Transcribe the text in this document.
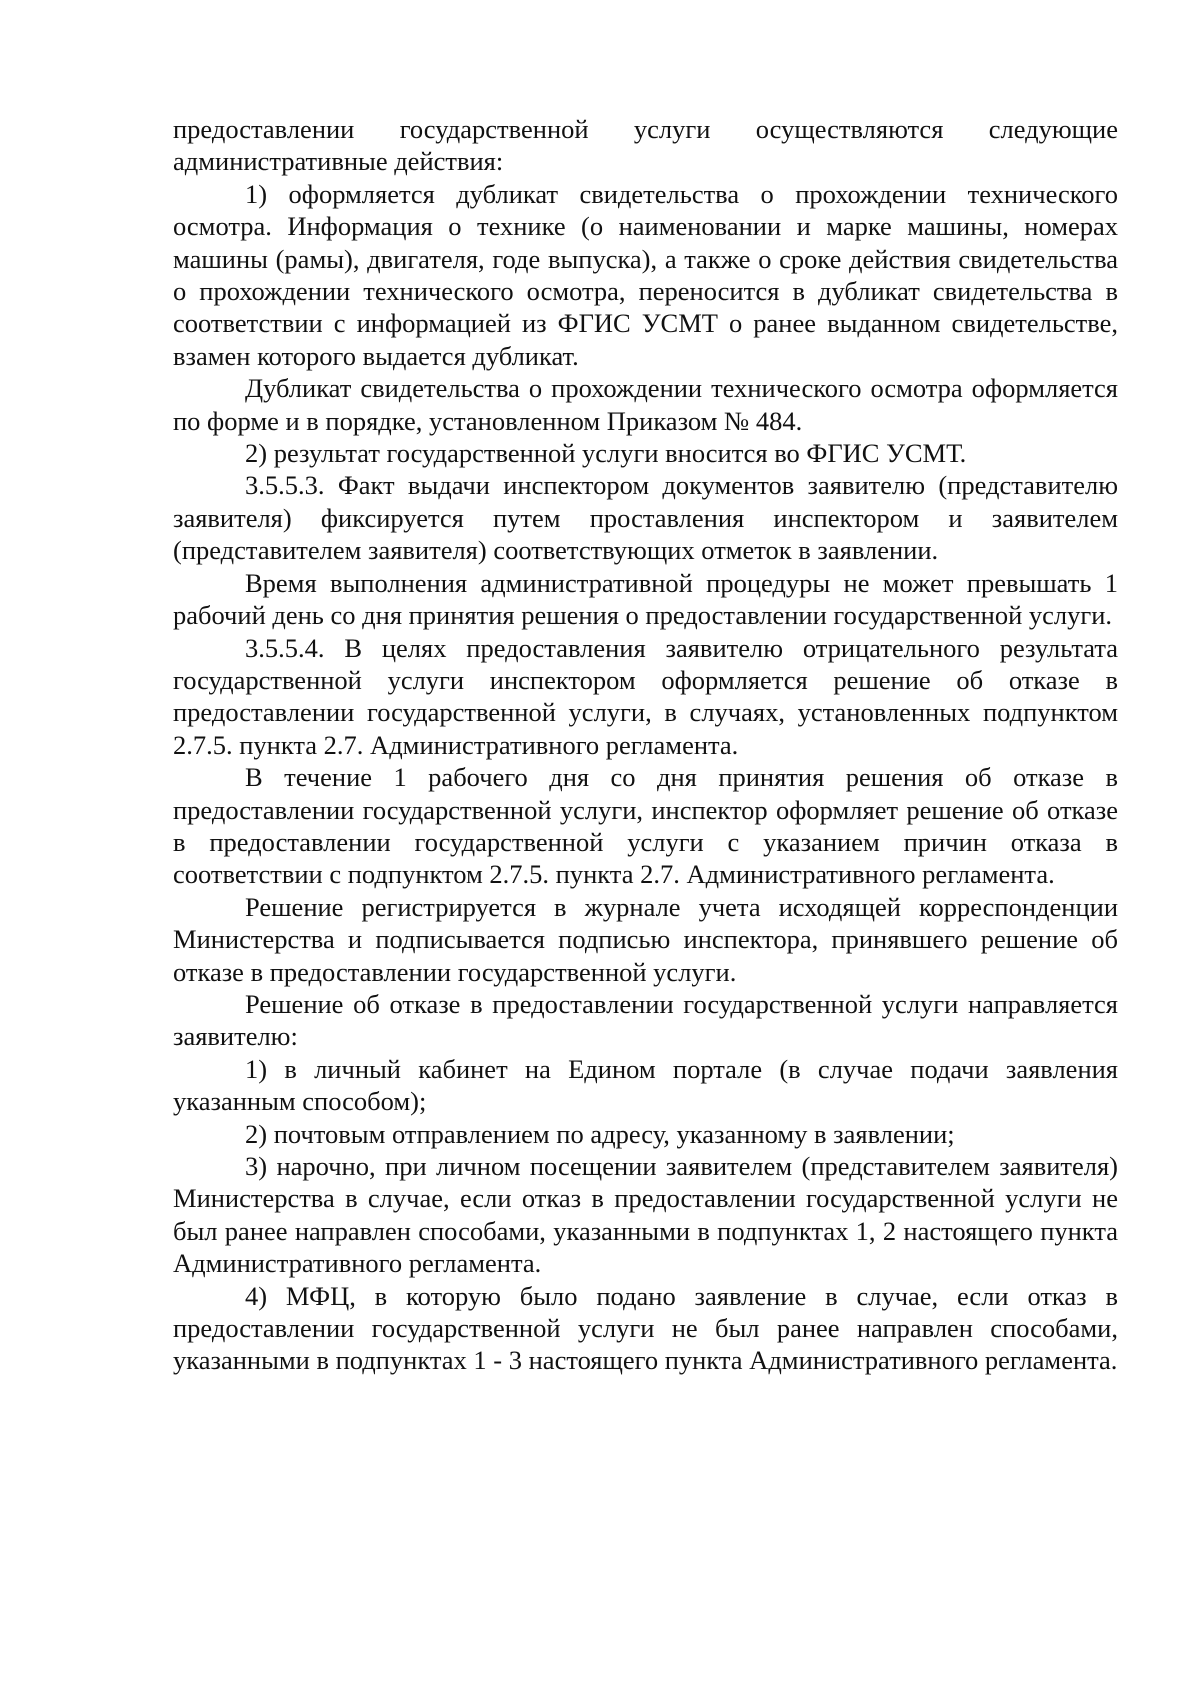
предоставлении государственной услуги осуществляются следующие административные действия:

1) оформляется дубликат свидетельства о прохождении технического осмотра. Информация о технике (о наименовании и марке машины, номерах машины (рамы), двигателя, годе выпуска), а также о сроке действия свидетельства о прохождении технического осмотра, переносится в дубликат свидетельства в соответствии с информацией из ФГИС УСМТ о ранее выданном свидетельстве, взамен которого выдается дубликат.

Дубликат свидетельства о прохождении технического осмотра оформляется по форме и в порядке, установленном Приказом № 484.

2) результат государственной услуги вносится во ФГИС УСМТ.

3.5.5.3. Факт выдачи инспектором документов заявителю (представителю заявителя) фиксируется путем проставления инспектором и заявителем (представителем заявителя) соответствующих отметок в заявлении.

Время выполнения административной процедуры не может превышать 1 рабочий день со дня принятия решения о предоставлении государственной услуги.

3.5.5.4. В целях предоставления заявителю отрицательного результата государственной услуги инспектором оформляется решение об отказе в предоставлении государственной услуги, в случаях, установленных подпунктом 2.7.5. пункта 2.7. Административного регламента.

В течение 1 рабочего дня со дня принятия решения об отказе в предоставлении государственной услуги, инспектор оформляет решение об отказе в предоставлении государственной услуги с указанием причин отказа в соответствии с подпунктом 2.7.5. пункта 2.7. Административного регламента.

Решение регистрируется в журнале учета исходящей корреспонденции Министерства и подписывается подписью инспектора, принявшего решение об отказе в предоставлении государственной услуги.

Решение об отказе в предоставлении государственной услуги направляется заявителю:

1) в личный кабинет на Едином портале (в случае подачи заявления указанным способом);

2) почтовым отправлением по адресу, указанному в заявлении;

3) нарочно, при личном посещении заявителем (представителем заявителя) Министерства в случае, если отказ в предоставлении государственной услуги не был ранее направлен способами, указанными в подпунктах 1, 2 настоящего пункта Административного регламента.

4) МФЦ, в которую было подано заявление в случае, если отказ в предоставлении государственной услуги не был ранее направлен способами, указанными в подпунктах 1 - 3 настоящего пункта Административного регламента.
